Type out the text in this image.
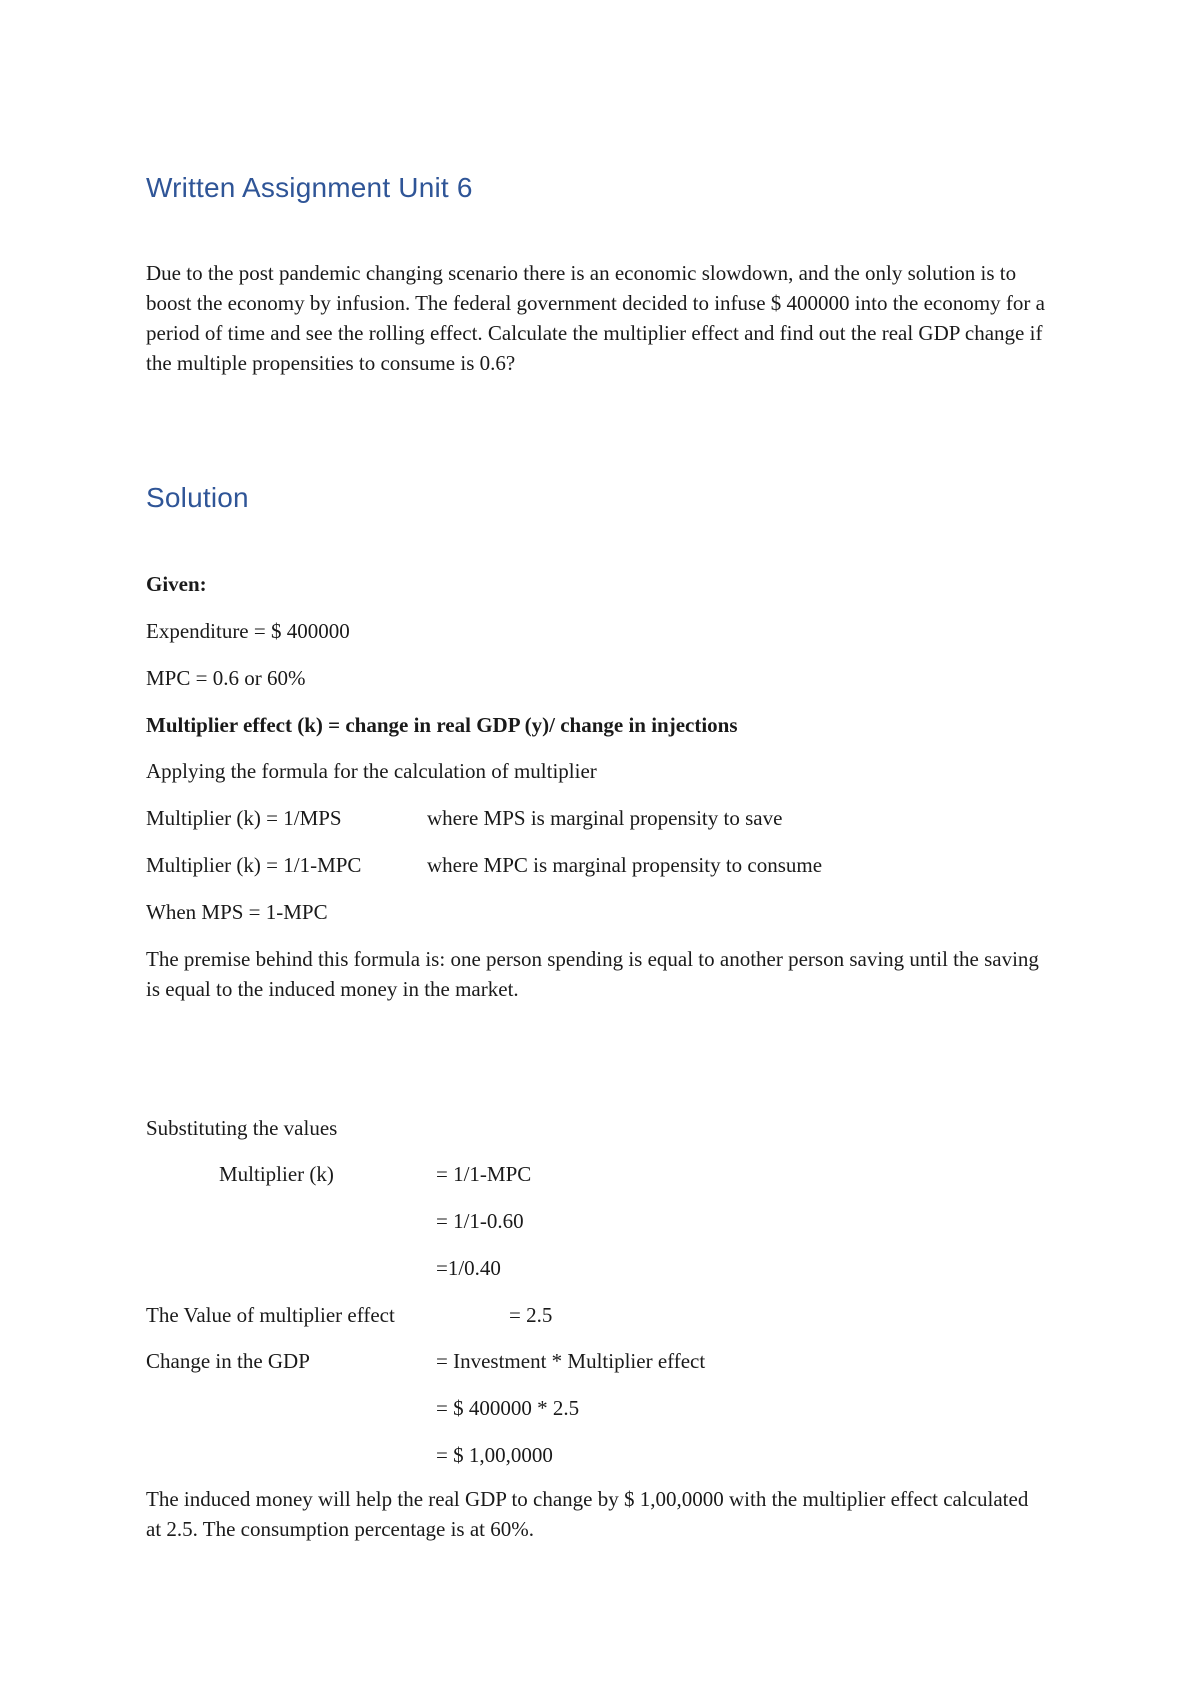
Written Assignment Unit 6

Due to the post pandemic changing scenario there is an economic slowdown, and the only solution is to boost the economy by infusion. The federal government decided to infuse $ 400000 into the economy for a period of time and see the rolling effect. Calculate the multiplier effect and find out the real GDP change if the multiple propensities to consume is 0.6?

Solution

Given:

Expenditure = $ 400000

MPC = 0.6 or 60%

Multiplier effect (k) = change in real GDP (y)/ change in injections

Applying the formula for the calculation of multiplier

Multiplier (k) = 1/MPS	where MPS is marginal propensity to save

Multiplier (k) = 1/1-MPC	where MPC is marginal propensity to consume

When MPS = 1-MPC

The premise behind this formula is: one person spending is equal to another person saving until the saving is equal to the induced money in the market.

Substituting the values

Multiplier (k)	= 1/1-MPC

= 1/1-0.60

=1/0.40

The Value of multiplier effect	= 2.5

Change in the GDP	= Investment * Multiplier effect

= $ 400000 * 2.5

= $ 1,00,0000

The induced money will help the real GDP to change by $ 1,00,0000 with the multiplier effect calculated at 2.5. The consumption percentage is at 60%.
